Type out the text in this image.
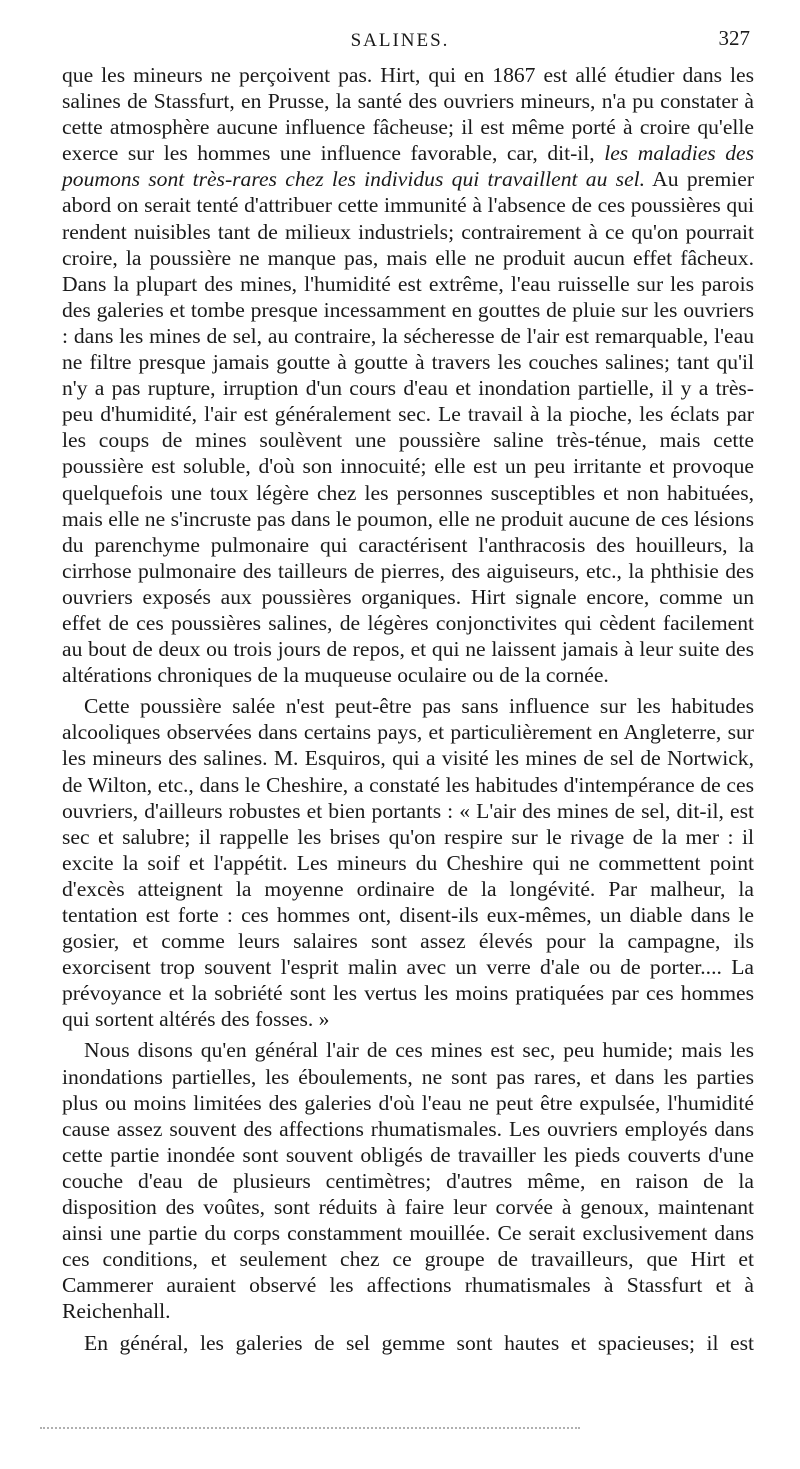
SALINES.	327

que les mineurs ne perçoivent pas. Hirt, qui en 1867 est allé étudier dans les salines de Stassfurt, en Prusse, la santé des ouvriers mineurs, n'a pu constater à cette atmosphère aucune influence fâcheuse; il est même porté à croire qu'elle exerce sur les hommes une influence favorable, car, dit-il, les maladies des poumons sont très-rares chez les individus qui travaillent au sel. Au premier abord on serait tenté d'attribuer cette immunité à l'absence de ces poussières qui rendent nuisibles tant de milieux industriels; contrairement à ce qu'on pourrait croire, la poussière ne manque pas, mais elle ne produit aucun effet fâcheux. Dans la plupart des mines, l'humidité est extrême, l'eau ruisselle sur les parois des galeries et tombe presque incessamment en gouttes de pluie sur les ouvriers : dans les mines de sel, au contraire, la sécheresse de l'air est remarquable, l'eau ne filtre presque jamais goutte à goutte à travers les couches salines; tant qu'il n'y a pas rupture, irruption d'un cours d'eau et inondation partielle, il y a très-peu d'humidité, l'air est généralement sec. Le travail à la pioche, les éclats par les coups de mines soulèvent une poussière saline très-ténue, mais cette poussière est soluble, d'où son innocuité; elle est un peu irritante et provoque quelquefois une toux légère chez les personnes susceptibles et non habituées, mais elle ne s'incruste pas dans le poumon, elle ne produit aucune de ces lésions du parenchyme pulmonaire qui caractérisent l'anthracosis des houilleurs, la cirrhose pulmonaire des tailleurs de pierres, des aiguiseurs, etc., la phthisie des ouvriers exposés aux poussières organiques. Hirt signale encore, comme un effet de ces poussières salines, de légères conjonctivites qui cèdent facilement au bout de deux ou trois jours de repos, et qui ne laissent jamais à leur suite des altérations chroniques de la muqueuse oculaire ou de la cornée.

Cette poussière salée n'est peut-être pas sans influence sur les habitudes alcooliques observées dans certains pays, et particulièrement en Angleterre, sur les mineurs des salines. M. Esquiros, qui a visité les mines de sel de Nortwick, de Wilton, etc., dans le Cheshire, a constaté les habitudes d'intempérance de ces ouvriers, d'ailleurs robustes et bien portants : « L'air des mines de sel, dit-il, est sec et salubre; il rappelle les brises qu'on respire sur le rivage de la mer : il excite la soif et l'appétit. Les mineurs du Cheshire qui ne commettent point d'excès atteignent la moyenne ordinaire de la longévité. Par malheur, la tentation est forte : ces hommes ont, disent-ils eux-mêmes, un diable dans le gosier, et comme leurs salaires sont assez élevés pour la campagne, ils exorcisent trop souvent l'esprit malin avec un verre d'ale ou de porter.... La prévoyance et la sobriété sont les vertus les moins pratiquées par ces hommes qui sortent altérés des fosses. »

Nous disons qu'en général l'air de ces mines est sec, peu humide; mais les inondations partielles, les éboulements, ne sont pas rares, et dans les parties plus ou moins limitées des galeries d'où l'eau ne peut être expulsée, l'humidité cause assez souvent des affections rhumatismales. Les ouvriers employés dans cette partie inondée sont souvent obligés de travailler les pieds couverts d'une couche d'eau de plusieurs centimètres; d'autres même, en raison de la disposition des voûtes, sont réduits à faire leur corvée à genoux, maintenant ainsi une partie du corps constamment mouillée. Ce serait exclusivement dans ces conditions, et seulement chez ce groupe de travailleurs, que Hirt et Cammerer auraient observé les affections rhumatismales à Stassfurt et à Reichenhall.

En général, les galeries de sel gemme sont hautes et spacieuses; il est
